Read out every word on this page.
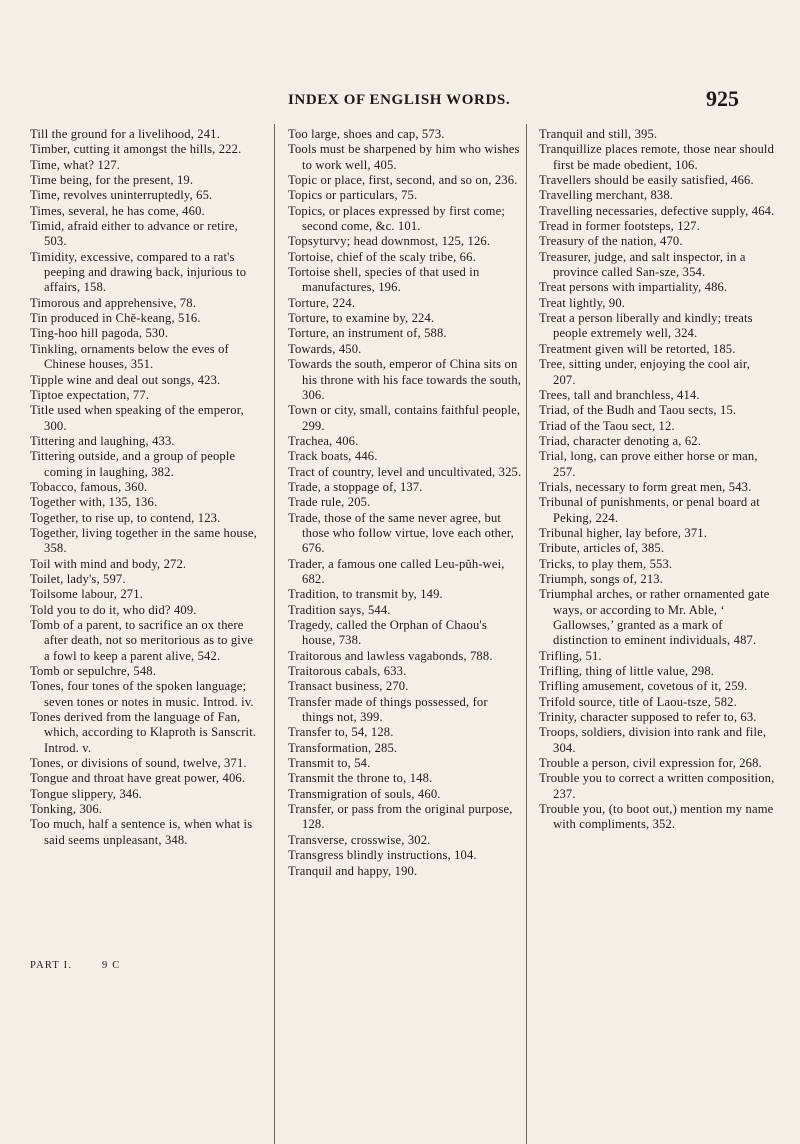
INDEX OF ENGLISH WORDS.	925

Till the ground for a livelihood, 241.

Timber, cutting it amongst the hills, 222.

Time, what? 127.

Time being, for the present, 19.

Time, revolves uninterruptedly, 65.

Times, several, he has come, 460.

Timid, afraid either to advance or retire, 503.

Timidity, excessive, compared to a rat's peeping and drawing back, injurious to affairs, 158.

Timorous and apprehensive, 78.

Tin produced in Chě-keang, 516.

Ting-hoo hill pagoda, 530.

Tinkling, ornaments below the eves of Chinese houses, 351.

Tipple wine and deal out songs, 423.

Tiptoe expectation, 77.

Title used when speaking of the emperor, 300.

Tittering and laughing, 433.

Tittering outside, and a group of people coming in laughing, 382.

Tobacco, famous, 360.

Together with, 135, 136.

Together, to rise up, to contend, 123.

Together, living together in the same house, 358.

Toil with mind and body, 272.

Toilet, lady's, 597.

Toilsome labour, 271.

Told you to do it, who did? 409.

Tomb of a parent, to sacrifice an ox there after death, not so meritorious as to give a fowl to keep a parent alive, 542.

Tomb or sepulchre, 548.

Tones, four tones of the spoken language; seven tones or notes in music. Introd. iv.

Tones derived from the language of Fan, which, according to Klaproth is Sanscrit. Introd. v.

Tones, or divisions of sound, twelve, 371.

Tongue and throat have great power, 406.

Tongue slippery, 346.

Tonking, 306.

Too much, half a sentence is, when what is said seems unpleasant, 348.

Too large, shoes and cap, 573.

Tools must be sharpened by him who wishes to work well, 405.

Topic or place, first, second, and so on, 236.

Topics or particulars, 75.

Topics, or places expressed by first come; second come, &c. 101.

Topsyturvy; head downmost, 125, 126.

Tortoise, chief of the scaly tribe, 66.

Tortoise shell, species of that used in manufactures, 196.

Torture, 224.

Torture, to examine by, 224.

Torture, an instrument of, 588.

Towards, 450.

Towards the south, emperor of China sits on his throne with his face towards the south, 306.

Town or city, small, contains faithful people, 299.

Trachea, 406.

Track boats, 446.

Tract of country, level and uncultivated, 325.

Trade, a stoppage of, 137.

Trade rule, 205.

Trade, those of the same never agree, but those who follow virtue, love each other, 676.

Trader, a famous one called Leu-pŭh-wei, 682.

Tradition, to transmit by, 149.

Tradition says, 544.

Tragedy, called the Orphan of Chaou's house, 738.

Traitorous and lawless vagabonds, 788.

Traitorous cabals, 633.

Transact business, 270.

Transfer made of things possessed, for things not, 399.

Transfer to, 54, 128.

Transformation, 285.

Transmit to, 54.

Transmit the throne to, 148.

Transmigration of souls, 460.

Transfer, or pass from the original purpose, 128.

Transverse, crosswise, 302.

Transgress blindly instructions, 104.

Tranquil and happy, 190.

Tranquil and still, 395.

Tranquillize places remote, those near should first be made obedient, 106.

Travellers should be easily satisfied, 466.

Travelling merchant, 838.

Travelling necessaries, defective supply, 464.

Tread in former footsteps, 127.

Treasury of the nation, 470.

Treasurer, judge, and salt inspector, in a province called San-sze, 354.

Treat persons with impartiality, 486.

Treat lightly, 90.

Treat a person liberally and kindly; treats people extremely well, 324.

Treatment given will be retorted, 185.

Tree, sitting under, enjoying the cool air, 207.

Trees, tall and branchless, 414.

Triad, of the Budh and Taou sects, 15.

Triad of the Taou sect, 12.

Triad, character denoting a, 62.

Trial, long, can prove either horse or man, 257.

Trials, necessary to form great men, 543.

Tribunal of punishments, or penal board at Peking, 224.

Tribunal higher, lay before, 371.

Tribute, articles of, 385.

Tricks, to play them, 553.

Triumph, songs of, 213.

Triumphal arches, or rather ornamented gate ways, or according to Mr. Able, ‘ Gallowses,’ granted as a mark of distinction to eminent individuals, 487.

Trifling, 51.

Trifling, thing of little value, 298.

Trifling amusement, covetous of it, 259.

Trifold source, title of Laou-tsze, 582.

Trinity, character supposed to refer to, 63.

Troops, soldiers, division into rank and file, 304.

Trouble a person, civil expression for, 268.

Trouble you to correct a written composition, 237.

Trouble you, (to boot out,) mention my name with compliments, 352.

PART I.	9 C
